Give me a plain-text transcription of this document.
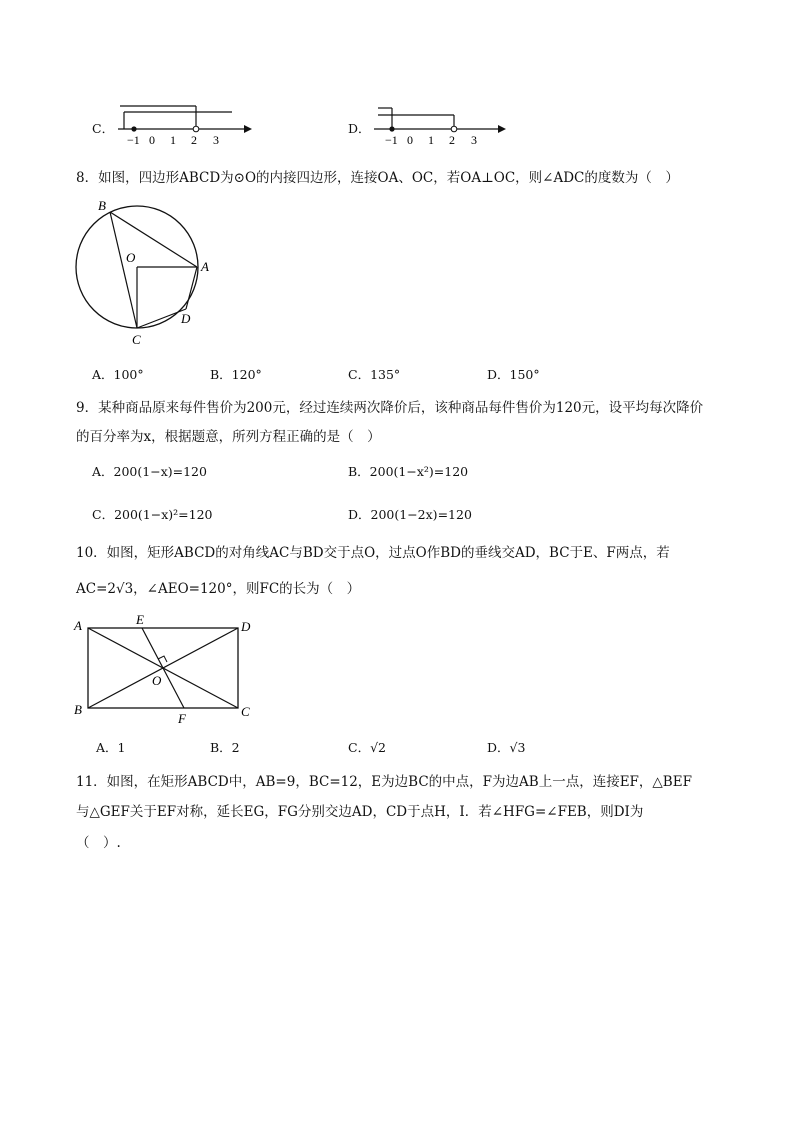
C．
−1 0 1 2 3
D．
−1 0 1 2 3
8．如图，四边形ABCD为⊙O的内接四边形，连接OA、OC，若OA⊥OC，则∠ADC的度数为（　）
B
O
A
D
C
A．100°	B．120°	C．135°	D．150°
9．某种商品原来每件售价为200元，经过连续两次降价后，该种商品每件售价为120元，设平均每次降价
的百分率为x，根据题意，所列方程正确的是（　）
A．200(1−x)=120	B．200(1−x²)=120
C．200(1−x)²=120	D．200(1−2x)=120
10．如图，矩形ABCD的对角线AC与BD交于点O，过点O作BD的垂线交AD，BC于E、F两点，若
AC=2√3，∠AEO=120°，则FC的长为（　）
A	E	D
O
B
F	C
A．1	B．2	C．√2	D．√3
11．如图，在矩形ABCD中，AB=9，BC=12，E为边BC的中点，F为边AB上一点，连接EF，△BEF
与△GEF关于EF对称，延长EG，FG分别交边AD，CD于点H，I．若∠HFG=∠FEB，则DI为
（　）.
